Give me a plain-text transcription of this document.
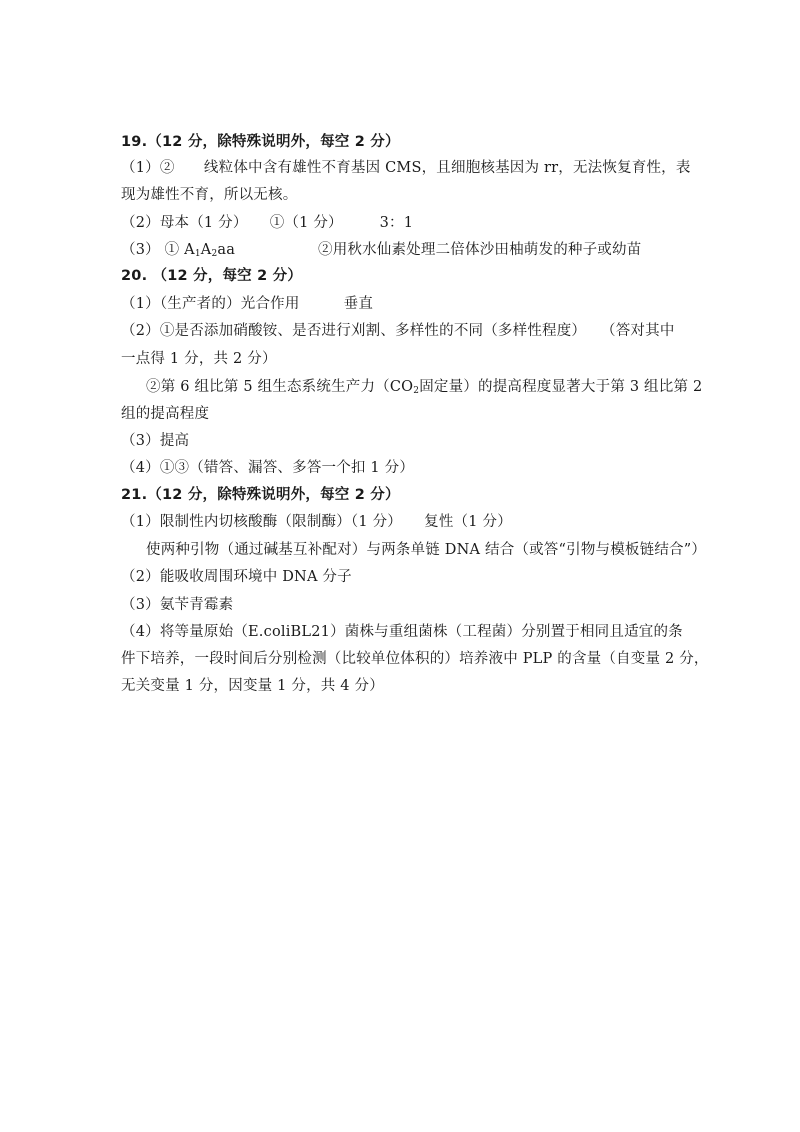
19.（12 分，除特殊说明外，每空 2 分）
（1）②　　线粒体中含有雄性不育基因 CMS，且细胞核基因为 rr，无法恢复育性，表
现为雄性不育，所以无核。
（2）母本（1 分）　　①（1 分）　　　3：1
（3） ① $A_1A_2aa$	②用秋水仙素处理二倍体沙田柚萌发的种子或幼苗
20. （12 分，每空 2 分）
（1）（生产者的）光合作用　　　垂直
（2）①是否添加硝酸铵、是否进行刈割、多样性的不同（多样性程度）　　（答对其中
一点得 1 分，共 2 分）
②第 6 组比第 5 组生态系统生产力（$CO_2$固定量）的提高程度显著大于第 3 组比第 2
组的提高程度
（3）提高
（4）①③（错答、漏答、多答一个扣 1 分）
21.（12 分，除特殊说明外，每空 2 分）
（1）限制性内切核酸酶（限制酶）（1 分）　　复性（1 分）
使两种引物（通过碱基互补配对）与两条单链 DNA 结合（或答“引物与模板链结合”）
（2）能吸收周围环境中 DNA 分子
（3）氨苄青霉素
（4）将等量原始（E.coliBL21）菌株与重组菌株（工程菌）分别置于相同且适宜的条
件下培养，一段时间后分别检测（比较单位体积的）培养液中 PLP 的含量（自变量 2 分，
无关变量 1 分，因变量 1 分，共 4 分）
